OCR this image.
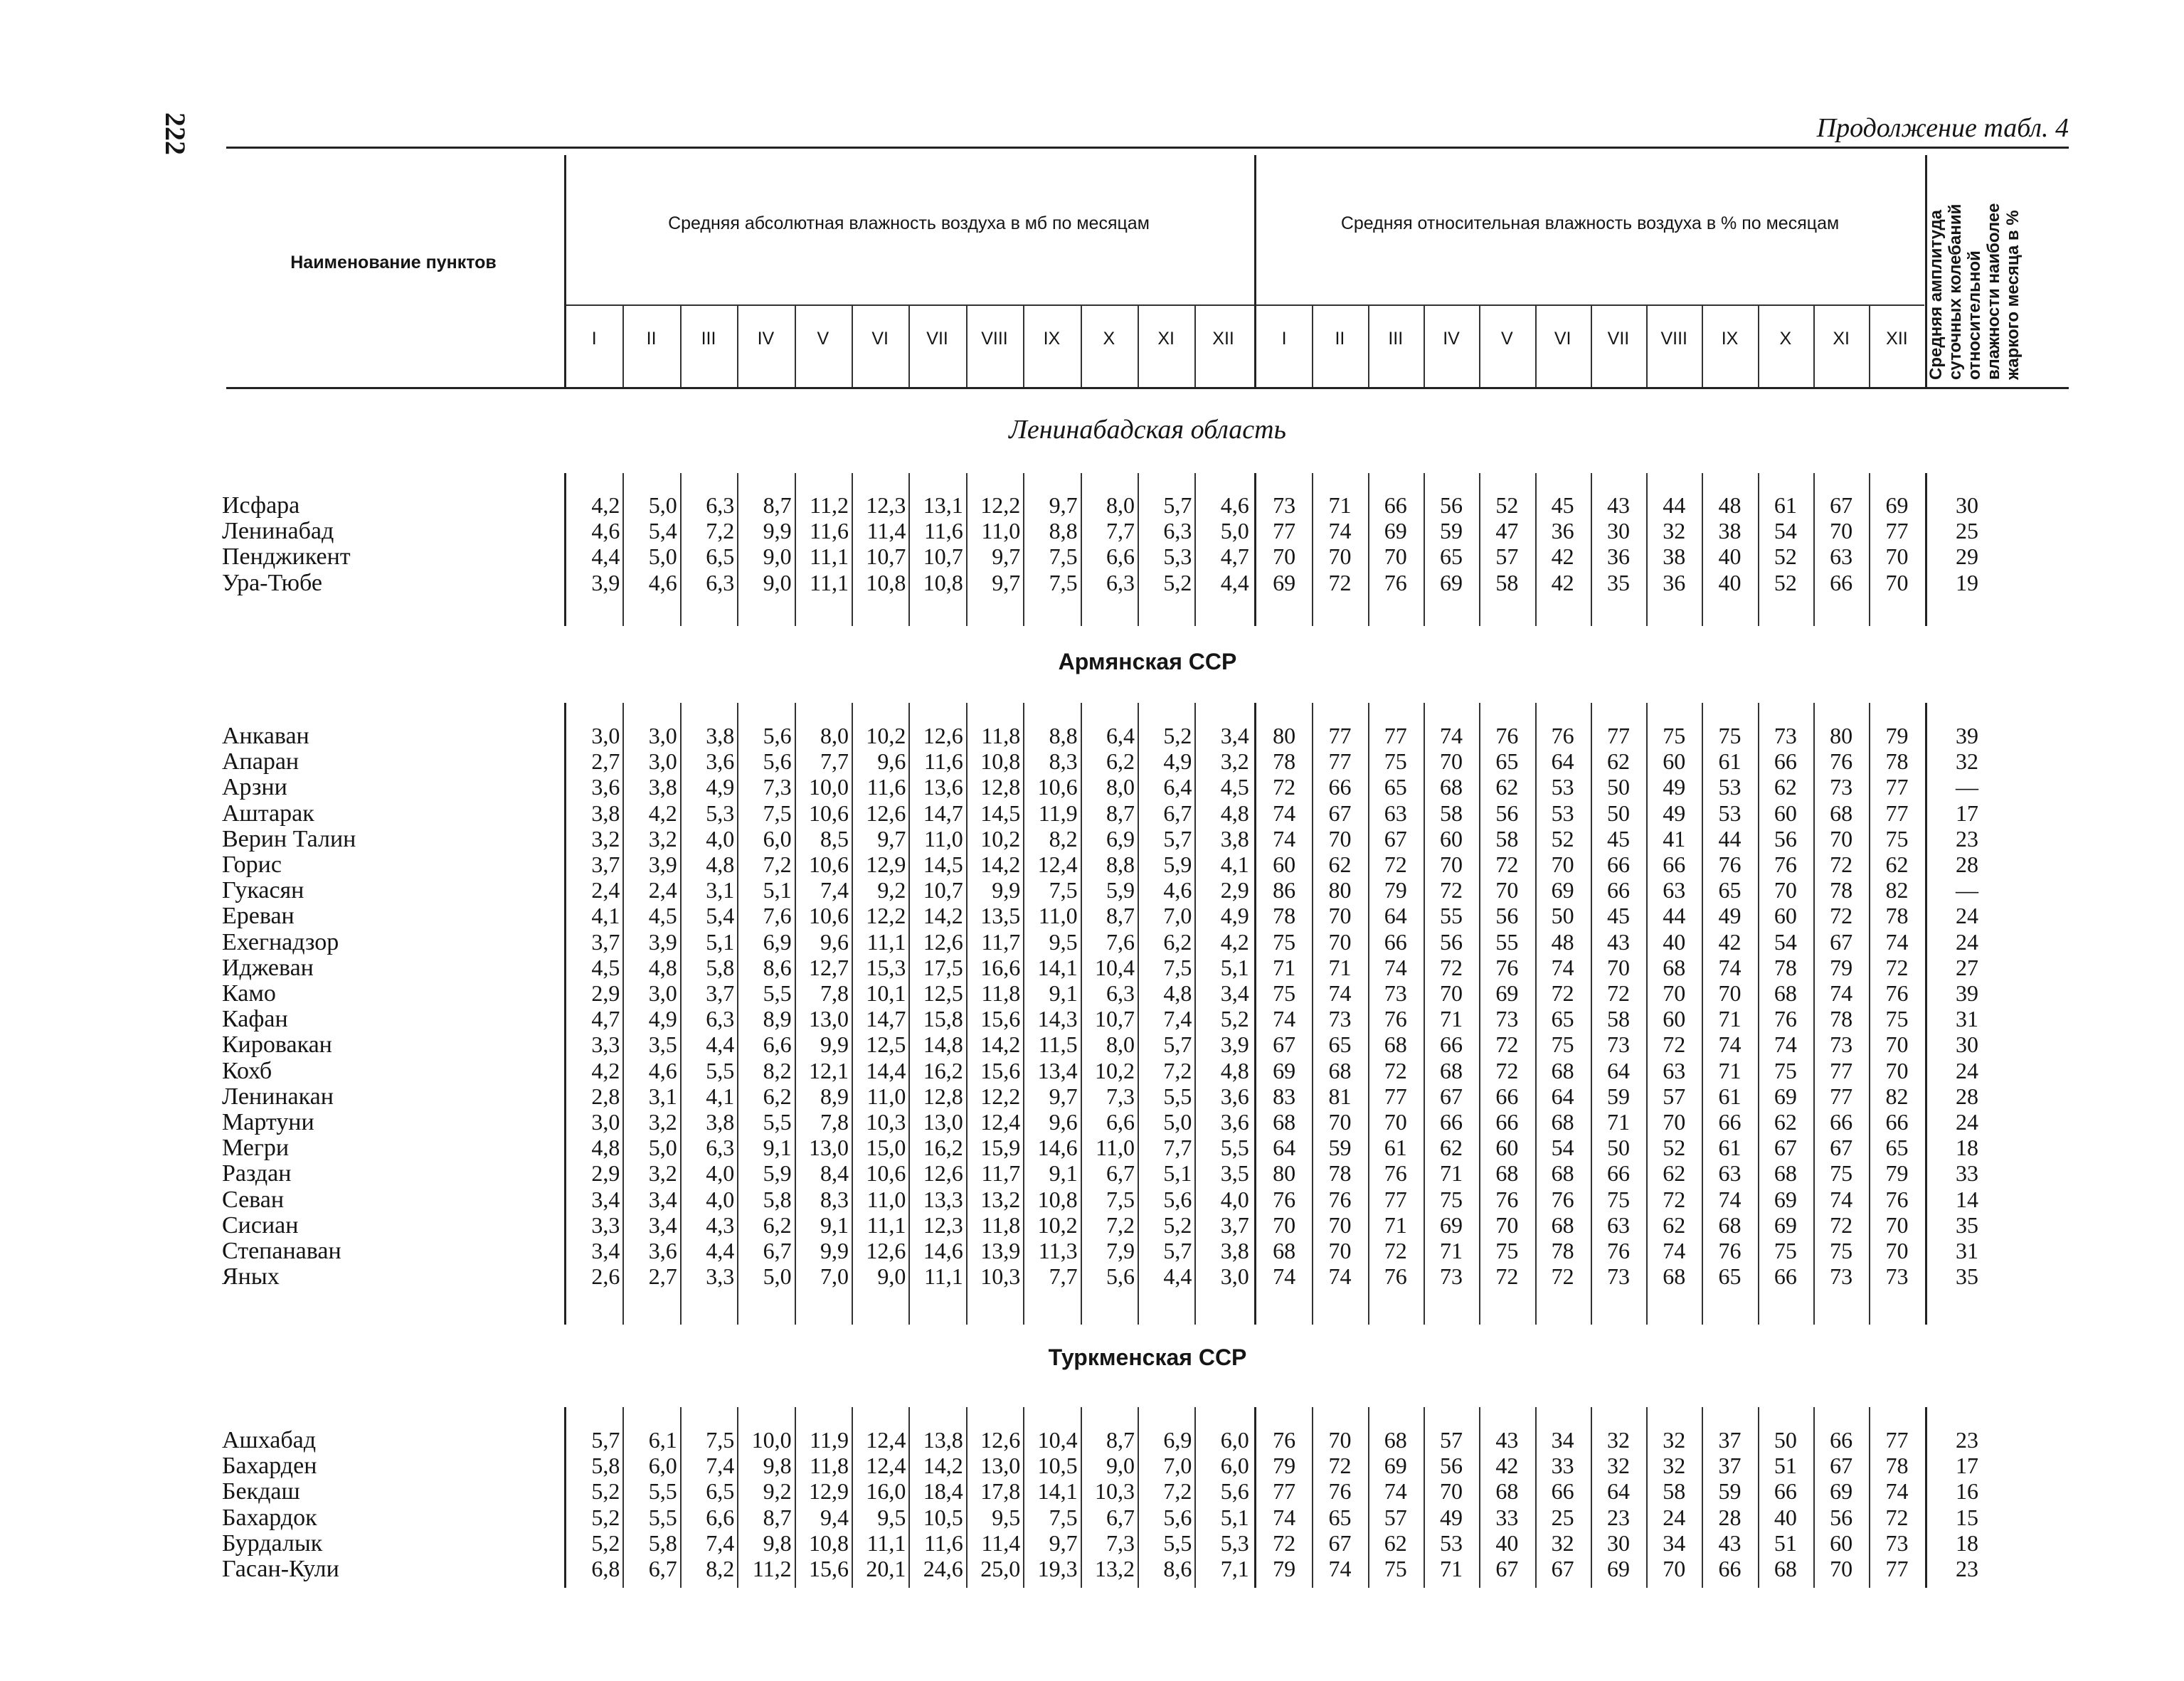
222	Продолжение табл. 4
Наименование пунктов
Средняя абсолютная влажность воздуха в мб по месяцам	Средняя относительная влажность воздуха в % по месяцам	Средняя амплитуда суточных колебаний относительной влажности наиболее жаркого месяца в %
I	I
II	II
III	III
IV	IV
V	V
VI	VI
VII	VII
VIII	VIII
IX	IX
X	X
XI	XI
XII	XII
Ленинабадская область
Исфара	4,2	5,0	6,3	8,7 11,2 12,3 13,1 12,2	9,7	8,0	5,7	4,6	73	71	66	56	52	45	43	44	48	61	67	69	30
Ленинабад	4,6	5,4	7,2	9,9 11,6 11,4 11,6 11,0	8,8	7,7	6,3	5,0	77	74	69	59	47	36	30	32	38	54	70	77	25
Пенджикент	4,4	5,0	6,5	9,0 11,1 10,7 10,7	9,7	7,5	6,6	5,3	4,7	70	70	70	65	57	42	36	38	40	52	63	70	29
Ура-Тюбе	3,9	4,6	6,3	9,0 11,1 10,8 10,8	9,7	7,5	6,3	5,2	4,4	69	72	76	69	58	42	35	36	40	52	66	70	19
Армянская ССР
Анкаван	3,0	3,0	3,8	5,6	8,0 10,2 12,6 11,8	8,8	6,4	5,2	3,4	80	77	77	74	76	76	77	75	75	73	80	79	39
Апаран	2,7	3,0	3,6	5,6	7,7	9,6 11,6 10,8	8,3	6,2	4,9	3,2	78	77	75	70	65	64	62	60	61	66	76	78	32
Арзни	3,6	3,8	4,9	7,3 10,0 11,6 13,6 12,8 10,6	8,0	6,4	4,5	72	66	65	68	62	53	50	49	53	62	73	77	—
Аштарак	3,8	4,2	5,3	7,5 10,6 12,6 14,7 14,5 11,9	8,7	6,7	4,8	74	67	63	58	56	53	50	49	53	60	68	77	17
Верин Талин	3,2	3,2	4,0	6,0	8,5	9,7 11,0 10,2	8,2	6,9	5,7	3,8	74	70	67	60	58	52	45	41	44	56	70	75	23
Горис	3,7	3,9	4,8	7,2 10,6 12,9 14,5 14,2 12,4	8,8	5,9	4,1	60	62	72	70	72	70	66	66	76	76	72	62	28
Гукасян	2,4	2,4	3,1	5,1	7,4	9,2 10,7	9,9	7,5	5,9	4,6	2,9	86	80	79	72	70	69	66	63	65	70	78	82	—
Ереван	4,1	4,5	5,4	7,6 10,6 12,2 14,2 13,5 11,0	8,7	7,0	4,9	78	70	64	55	56	50	45	44	49	60	72	78	24
Ехегнадзор	3,7	3,9	5,1	6,9	9,6 11,1 12,6 11,7	9,5	7,6	6,2	4,2	75	70	66	56	55	48	43	40	42	54	67	74	24
Иджеван	4,5	4,8	5,8	8,6 12,7 15,3 17,5 16,6 14,1 10,4	7,5	5,1	71	71	74	72	76	74	70	68	74	78	79	72	27
Камо	2,9	3,0	3,7	5,5	7,8 10,1 12,5 11,8	9,1	6,3	4,8	3,4	75	74	73	70	69	72	72	70	70	68	74	76	39
Кафан	4,7	4,9	6,3	8,9 13,0 14,7 15,8 15,6 14,3 10,7	7,4	5,2	74	73	76	71	73	65	58	60	71	76	78	75	31
Кировакан	3,3	3,5	4,4	6,6	9,9 12,5 14,8 14,2 11,5	8,0	5,7	3,9	67	65	68	66	72	75	73	72	74	74	73	70	30
Кохб	4,2	4,6	5,5	8,2 12,1 14,4 16,2 15,6 13,4 10,2	7,2	4,8	69	68	72	68	72	68	64	63	71	75	77	70	24
Ленинакан	2,8	3,1	4,1	6,2	8,9 11,0 12,8 12,2	9,7	7,3	5,5	3,6	83	81	77	67	66	64	59	57	61	69	77	82	28
Мартуни	3,0	3,2	3,8	5,5	7,8 10,3 13,0 12,4	9,6	6,6	5,0	3,6	68	70	70	66	66	68	71	70	66	62	66	66	24
Мегри	4,8	5,0	6,3	9,1 13,0 15,0 16,2 15,9 14,6 11,0	7,7	5,5	64	59	61	62	60	54	50	52	61	67	67	65	18
Раздан	2,9	3,2	4,0	5,9	8,4 10,6 12,6 11,7	9,1	6,7	5,1	3,5	80	78	76	71	68	68	66	62	63	68	75	79	33
Севан	3,4	3,4	4,0	5,8	8,3 11,0 13,3 13,2 10,8	7,5	5,6	4,0	76	76	77	75	76	76	75	72	74	69	74	76	14
Сисиан	3,3	3,4	4,3	6,2	9,1 11,1 12,3 11,8 10,2	7,2	5,2	3,7	70	70	71	69	70	68	63	62	68	69	72	70	35
Степанаван	3,4	3,6	4,4	6,7	9,9 12,6 14,6 13,9 11,3	7,9	5,7	3,8	68	70	72	71	75	78	76	74	76	75	75	70	31
Яных	2,6	2,7	3,3	5,0	7,0	9,0 11,1 10,3	7,7	5,6	4,4	3,0	74	74	76	73	72	72	73	68	65	66	73	73	35
Туркменская ССР
Ашхабад	5,7	6,1	7,5 10,0 11,9 12,4 13,8 12,6 10,4	8,7	6,9	6,0	76	70	68	57	43	34	32	32	37	50	66	77	23
Бахарден	5,8	6,0	7,4	9,8 11,8 12,4 14,2 13,0 10,5	9,0	7,0	6,0	79	72	69	56	42	33	32	32	37	51	67	78	17
Бекдаш	5,2	5,5	6,5	9,2 12,9 16,0 18,4 17,8 14,1 10,3	7,2	5,6	77	76	74	70	68	66	64	58	59	66	69	74	16
Бахардок	5,2	5,5	6,6	8,7	9,4	9,5 10,5	9,5	7,5	6,7	5,6	5,1	74	65	57	49	33	25	23	24	28	40	56	72	15
Бурдалык	5,2	5,8	7,4	9,8 10,8 11,1 11,6 11,4	9,7	7,3	5,5	5,3	72	67	62	53	40	32	30	34	43	51	60	73	18
Гасан-Кули	6,8	6,7	8,2 11,2 15,6 20,1 24,6 25,0 19,3 13,2	8,6	7,1	79	74	75	71	67	67	69	70	66	68	70	77	23
